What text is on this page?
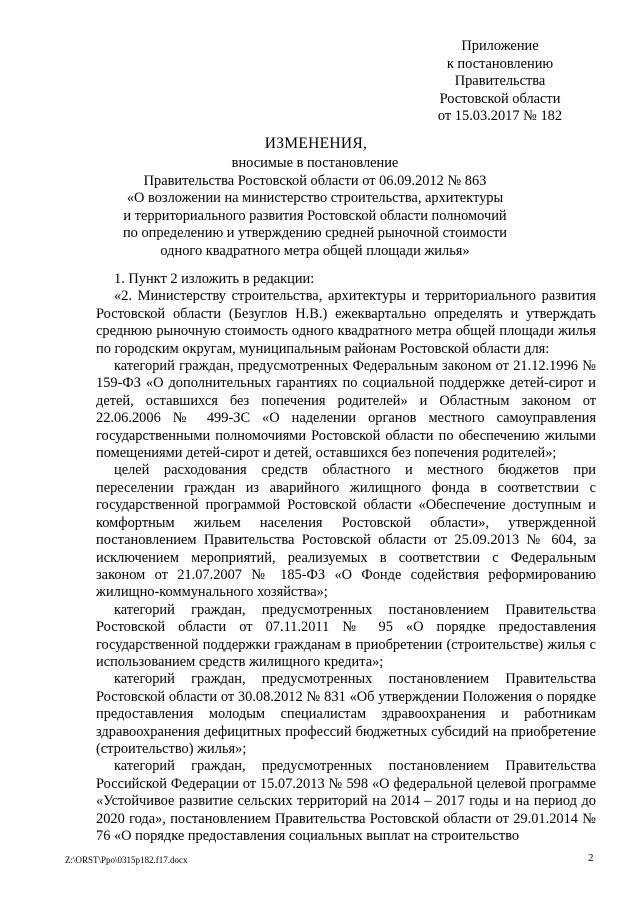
Приложение
к постановлению
Правительства
Ростовской области
от 15.03.2017 № 182
ИЗМЕНЕНИЯ,
вносимые в постановление
Правительства Ростовской области от 06.09.2012 № 863
«О возложении на министерство строительства, архитектуры
и территориального развития Ростовской области полномочий
по определению и утверждению средней рыночной стоимости
одного квадратного метра общей площади жилья»

1. Пункт 2 изложить в редакции:

«2. Министерству строительства, архитектуры и территориального развития Ростовской области (Безуглов Н.В.) ежеквартально определять и утверждать среднюю рыночную стоимость одного квадратного метра общей площади жилья по городским округам, муниципальным районам Ростовской области для:

категорий граждан, предусмотренных Федеральным законом от 21.12.1996 № 159-ФЗ «О дополнительных гарантиях по социальной поддержке детей-сирот и детей, оставшихся без попечения родителей» и Областным законом от 22.06.2006 № 499-ЗС «О наделении органов местного самоуправления государственными полномочиями Ростовской области по обеспечению жилыми помещениями детей-сирот и детей, оставшихся без попечения родителей»;

целей расходования средств областного и местного бюджетов при переселении граждан из аварийного жилищного фонда в соответствии с государственной программой Ростовской области «Обеспечение доступным и комфортным жильем населения Ростовской области», утвержденной постановлением Правительства Ростовской области от 25.09.2013 № 604, за исключением мероприятий, реализуемых в соответствии с Федеральным законом от 21.07.2007 № 185-ФЗ «О Фонде содействия реформированию жилищно-коммунального хозяйства»;

категорий граждан, предусмотренных постановлением Правительства Ростовской области от 07.11.2011 № 95 «О порядке предоставления государственной поддержки гражданам в приобретении (строительстве) жилья с использованием средств жилищного кредита»;

категорий граждан, предусмотренных постановлением Правительства Ростовской области от 30.08.2012 № 831 «Об утверждении Положения о порядке предоставления молодым специалистам здравоохранения и работникам здравоохранения дефицитных профессий бюджетных субсидий на приобретение (строительство) жилья»;

категорий граждан, предусмотренных постановлением Правительства Российской Федерации от 15.07.2013 № 598 «О федеральной целевой программе «Устойчивое развитие сельских территорий на 2014 – 2017 годы и на период до 2020 года», постановлением Правительства Ростовской области от 29.01.2014 № 76 «О порядке предоставления социальных выплат на строительство

Z:\ORST\Ppo\0315p182.f17.docx	2
